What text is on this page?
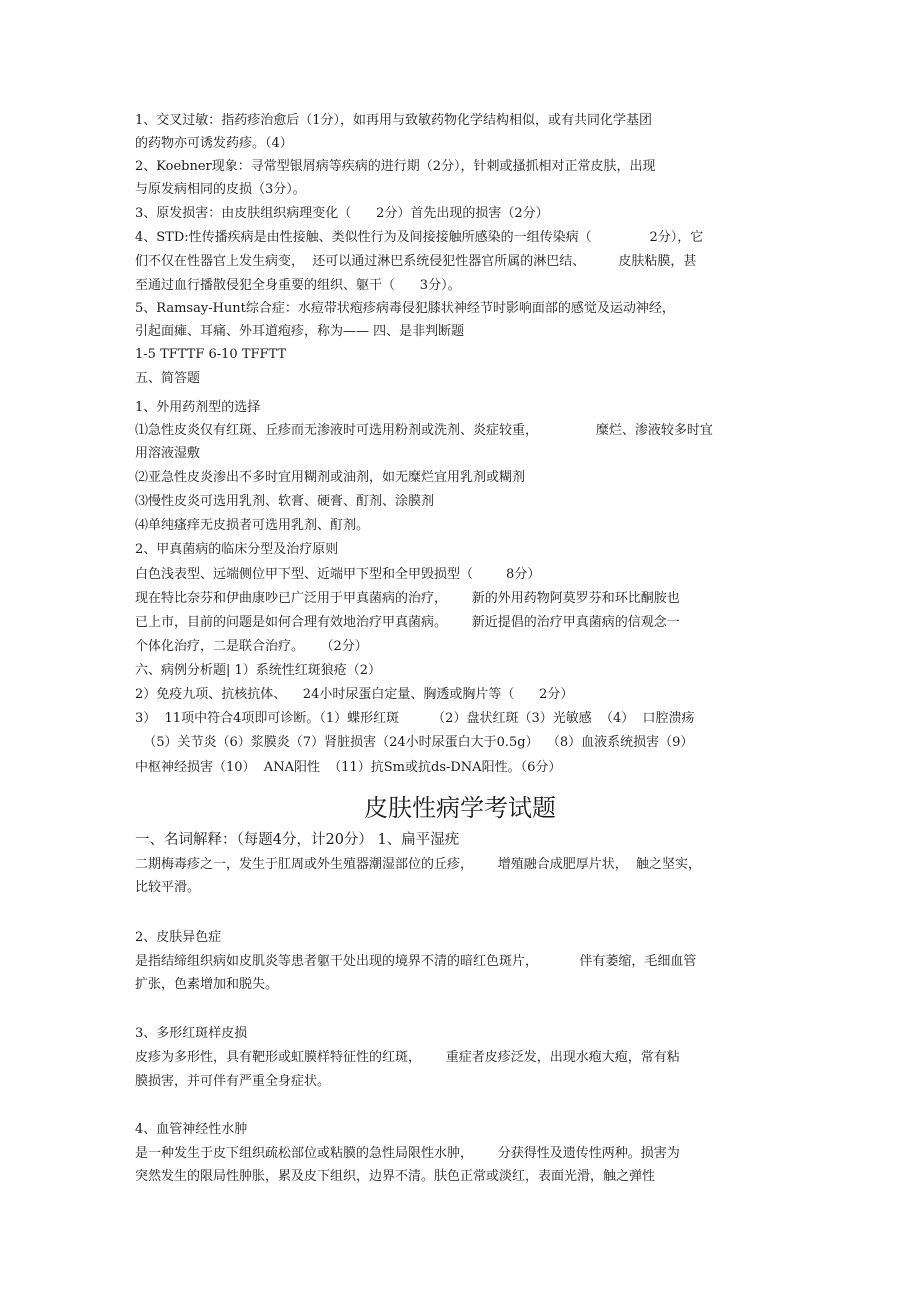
1、交叉过敏：指药疹治愈后（1分），如再用与致敏药物化学结构相似，或有共同化学基团
的药物亦可诱发药疹。（4）
2、Koebner现象：寻常型银屑病等疾病的进行期（2分），针刺或搔抓相对正常皮肤，出现
与原发病相同的皮损（3分）。
3、原发损害：由皮肤组织病理变化（      2分）首先出现的损害（2分）
4、STD:性传播疾病是由性接触、类似性行为及间接接触所感染的一组传染病（              2分），它
们不仅在性器官上发生病变，  还可以通过淋巴系统侵犯性器官所属的淋巴结、        皮肤粘膜，甚
至通过血行播散侵犯全身重要的组织、躯干（      3分）。
5、Ramsay-Hunt综合症：水痘带状疱疹病毒侵犯膝状神经节时影响面部的感觉及运动神经，
引起面瘫、耳痛、外耳道疱疹，称为—— 四、是非判断题
1-5 TFTTF 6-10 TFFTT
五、简答题
1、外用药剂型的选择
⑴急性皮炎仅有红斑、丘疹而无渗液时可选用粉剂或洗剂、炎症较重，              糜烂、渗液较多时宜
用溶液湿敷
⑵亚急性皮炎渗出不多时宜用糊剂或油剂，如无糜烂宜用乳剂或糊剂
⑶慢性皮炎可选用乳剂、软膏、硬膏、酊剂、涂膜剂
⑷单纯瘙痒无皮损者可选用乳剂、酊剂。
2、甲真菌病的临床分型及治疗原则
白色浅表型、远端侧位甲下型、近端甲下型和全甲毁损型（        8分）
现在特比奈芬和伊曲康吵已广泛用于甲真菌病的治疗，      新的外用药物阿莫罗芬和环比酮胺也
已上市，目前的问题是如何合理有效地治疗甲真菌病。      新近提倡的治疗甲真菌病的信观念一
个体化治疗，二是联合治疗。    （2分）
六、病例分析题| 1）系统性红斑狼疮（2）
2）免疫九项、抗核抗体、    24小时尿蛋白定量、胸透或胸片等（      2分）
3）  11项中符合4项即可诊断。（1）蝶形红斑        （2）盘状红斑（3）光敏感  （4）  口腔溃疡
（5）关节炎（6）浆膜炎（7）肾脏损害（24小时尿蛋白大于0.5g）  （8）血液系统损害（9）
中枢神经损害（10）  ANA阳性  （11）抗Sm或抗ds-DNA阳性。（6分）
皮肤性病学考试题
一、名词解释：（每题4分，计20分） 1、扁平湿疣
二期梅毒疹之一，发生于肛周或外生殖器潮湿部位的丘疹，      增殖融合成肥厚片状，  触之坚实，
比较平滑。
2、皮肤异色症
是指结缔组织病如皮肌炎等患者躯干处出现的境界不清的暗红色斑片，          伴有萎缩，毛细血管
扩张，色素增加和脱失。
3、多形红斑样皮损
皮疹为多形性，具有靶形或虹膜样特征性的红斑，      重症者皮疹泛发，出现水疱大疱，常有粘
膜损害，并可伴有严重全身症状。
4、血管神经性水肿
是一种发生于皮下组织疏松部位或粘膜的急性局限性水肿，      分获得性及遗传性两种。损害为
突然发生的限局性肿胀，累及皮下组织，边界不清。肤色正常或淡红，表面光滑，触之弹性
